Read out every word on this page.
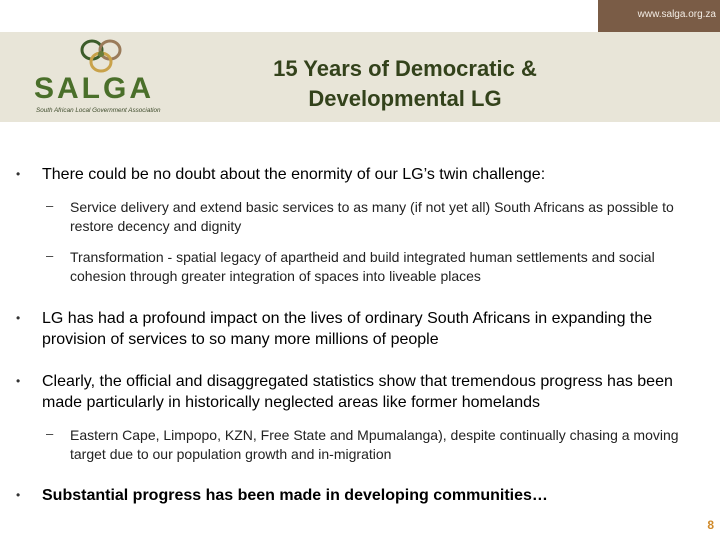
www.salga.org.za
SALGA
South African Local Government Association
15 Years of Democratic &
Developmental LG
• There could be no doubt about the enormity of our LG’s twin challenge:
– Service delivery and extend basic services to as many (if not yet all) South Africans as possible to restore decency and dignity
– Transformation - spatial legacy of apartheid and build integrated human settlements and social cohesion through greater integration of spaces into liveable places
• LG has had a profound impact on the lives of ordinary South Africans in expanding the provision of services to so many more millions of people
• Clearly, the official and disaggregated statistics show that tremendous progress has been made particularly in historically neglected areas like former homelands
– Eastern Cape, Limpopo, KZN, Free State and Mpumalanga), despite continually chasing a moving target due to our population growth and in-migration
• Substantial progress has been made in developing communities…
8
